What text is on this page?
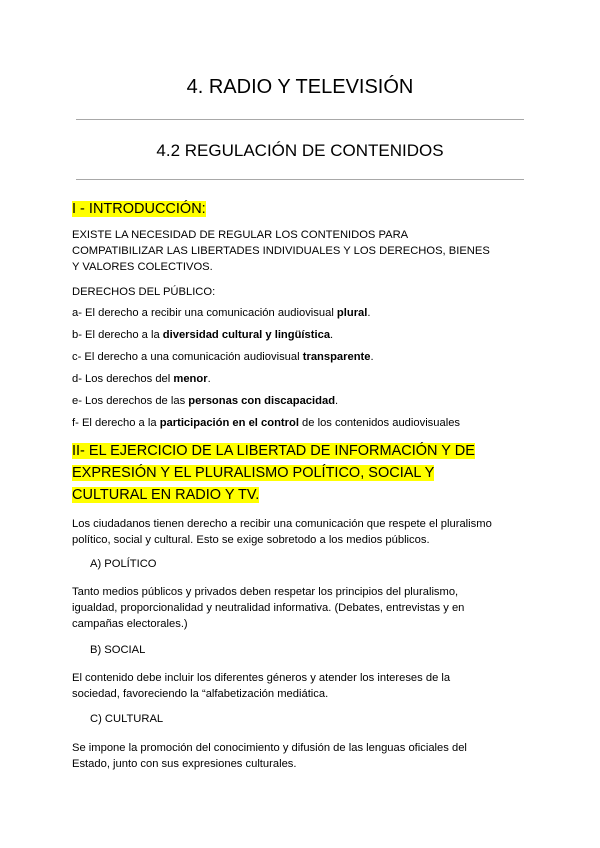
4. RADIO Y TELEVISIÓN
4.2 REGULACIÓN DE CONTENIDOS
I - INTRODUCCIÓN:
EXISTE LA NECESIDAD DE REGULAR LOS CONTENIDOS PARA
COMPATIBILIZAR LAS LIBERTADES INDIVIDUALES Y LOS DERECHOS, BIENES
Y VALORES COLECTIVOS.
DERECHOS DEL PÚBLICO:
a- El derecho a recibir una comunicación audiovisual plural.
b- El derecho a la diversidad cultural y lingüística.
c- El derecho a una comunicación audiovisual transparente.
d- Los derechos del menor.
e- Los derechos de las personas con discapacidad.
f- El derecho a la participación en el control de los contenidos audiovisuales
II- EL EJERCICIO DE LA LIBERTAD DE INFORMACIÓN Y DE
EXPRESIÓN Y EL PLURALISMO POLÍTICO, SOCIAL Y
CULTURAL EN RADIO Y TV.
Los ciudadanos tienen derecho a recibir una comunicación que respete el pluralismo
político, social y cultural. Esto se exige sobretodo a los medios públicos.
A) POLÍTICO
Tanto medios públicos y privados deben respetar los principios del pluralismo,
igualdad, proporcionalidad y neutralidad informativa. (Debates, entrevistas y en
campañas electorales.)
B) SOCIAL
El contenido debe incluir los diferentes géneros y atender los intereses de la
sociedad, favoreciendo la “alfabetización mediática.
C) CULTURAL
Se impone la promoción del conocimiento y difusión de las lenguas oficiales del
Estado, junto con sus expresiones culturales.
